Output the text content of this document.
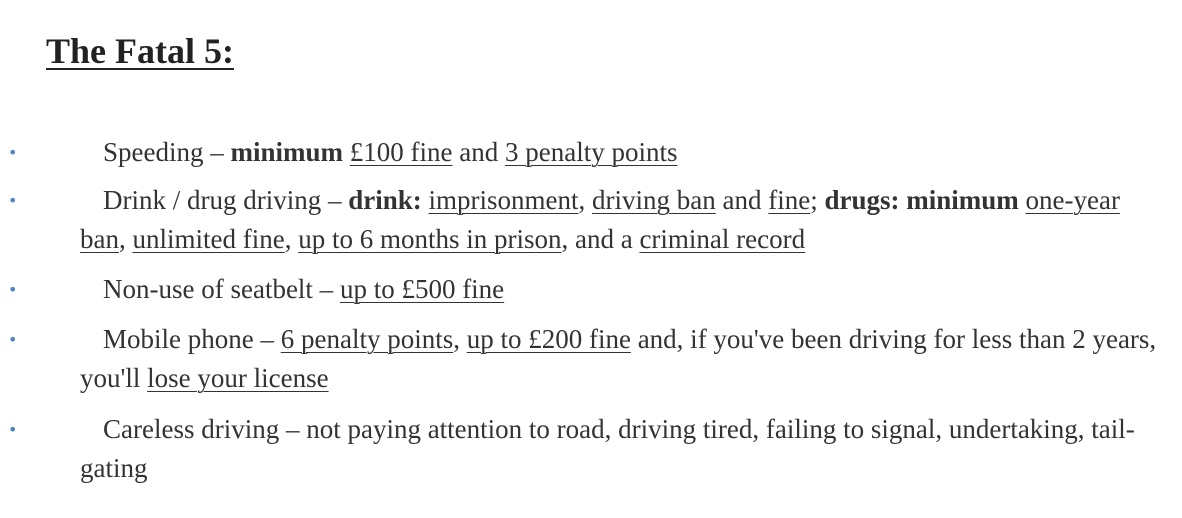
The Fatal 5:
•	Speeding – minimum £100 fine and 3 penalty points
•	Drink / drug driving – drink: imprisonment, driving ban and fine; drugs: minimum one-year ban, unlimited fine, up to 6 months in prison, and a criminal record
•	Non-use of seatbelt – up to £500 fine
•	Mobile phone – 6 penalty points, up to £200 fine and, if you've been driving for less than 2 years, you'll lose your license
•	Careless driving – not paying attention to road, driving tired, failing to signal, undertaking, tail-gating
